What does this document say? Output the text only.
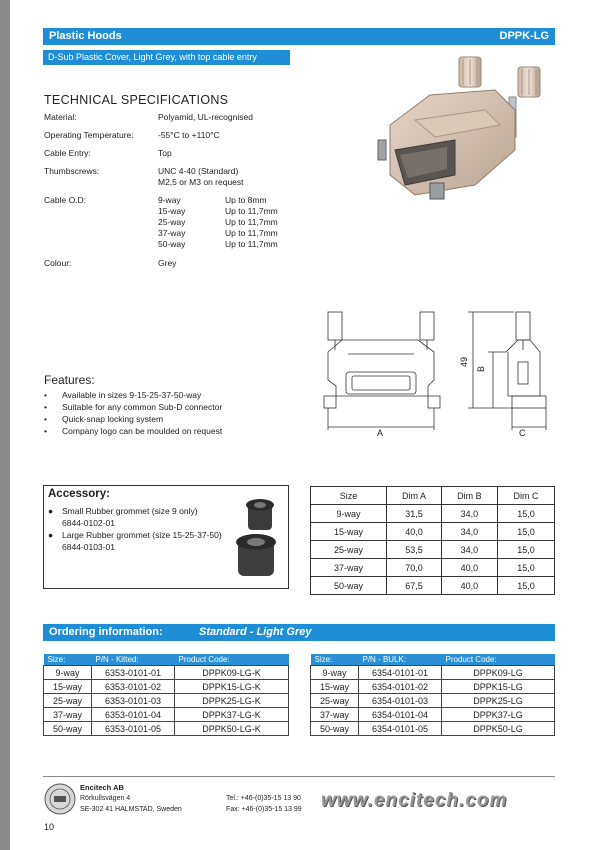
Plastic Hoods	DPPK-LG
D-Sub Plastic Cover, Light Grey, with top cable entry
TECHNICAL SPECIFICATIONS
Material:	Polyamid, UL-recognised
Operating Temperature:	-55°C to +110°C
Cable Entry:	Top
Thumbscrews:	UNC 4-40 (Standard)
M2,5 or M3 on request
Cable O.D:	9-way	Up to 8mm
15-way	Up to 11,7mm
25-way	Up to 11,7mm
37-way	Up to 11,7mm
50-way	Up to 11,7mm
Colour:	Grey
A	C
49
B
Features:
• Available in sizes 9-15-25-37-50-way
• Suitable for any common Sub-D connector
• Quick-snap locking system
• Company logo can be moulded on request
Accessory:
● Small Rubber grommet (size 9 only)
6844-0102-01
● Large Rubber grommet (size 15-25-37-50)
6844-0103-01
Size	Dim A	Dim B	Dim C
9-way	31,5	34,0	15,0
15-way	40,0	34,0	15,0
25-way	53,5	34,0	15,0
37-way	70,0	40,0	15,0
50-way	67,5	40,0	15,0
Ordering information:	Standard - Light Grey
Size:	P/N - Kitted:	Product Code:
9-way	6353-0101-01	DPPK09-LG-K
15-way	6353-0101-02	DPPK15-LG-K
25-way	6353-0101-03	DPPK25-LG-K
37-way	6353-0101-04	DPPK37-LG-K
50-way	6353-0101-05	DPPK50-LG-K
Size:	P/N - BULK:	Product Code:
9-way	6354-0101-01	DPPK09-LG
15-way	6354-0101-02	DPPK15-LG
25-way	6354-0101-03	DPPK25-LG
37-way	6354-0101-04	DPPK37-LG
50-way	6354-0101-05	DPPK50-LG
Encitech AB
Rörkullsvägen 4
SE-302 41 HALMSTAD, Sweden
Tel.: +46-(0)35-15 13 90
Fax: +46-(0)35-15 13 99 www.encitech.com
10
